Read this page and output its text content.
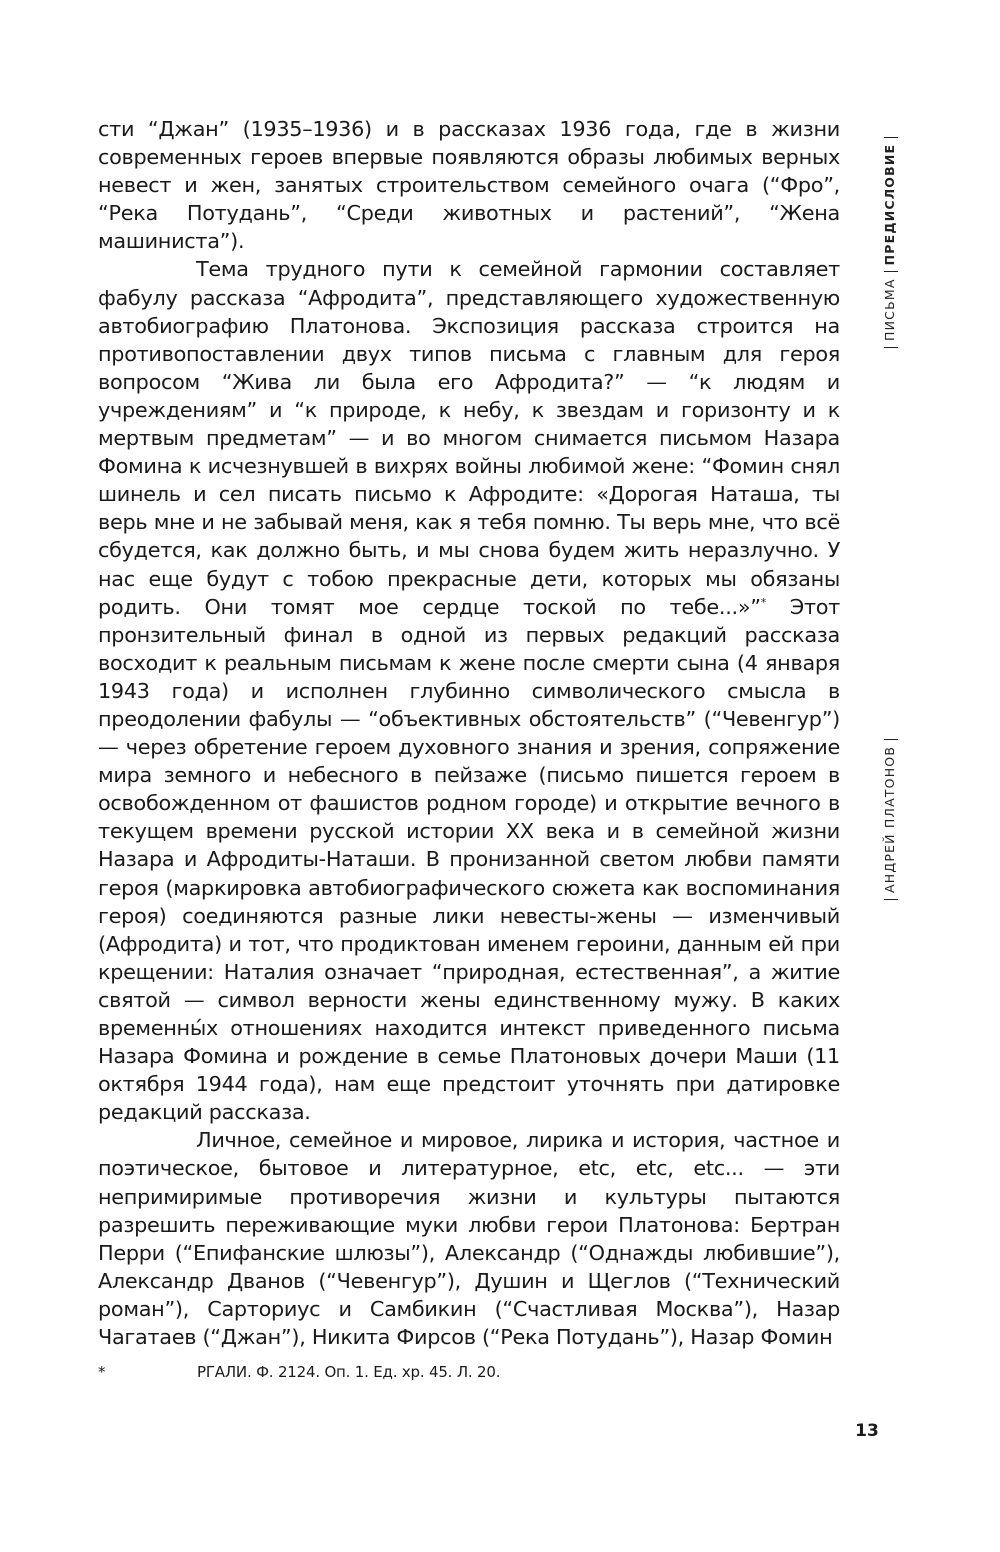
сти “Джан” (1935–1936) и в рассказах 1936 года, где в жизни современных героев впервые появляются образы любимых верных невест и жен, занятых строительством семейного очага (“Фро”, “Река Потудань”, “Среди животных и растений”, “Жена машиниста”).

Тема трудного пути к семейной гармонии составляет фабулу рассказа “Афродита”, представляющего художественную автобиографию Платонова. Экспозиция рассказа строится на противопоставлении двух типов письма с главным для героя вопросом “Жива ли была его Афродита?” — “к людям и учреждениям” и “к природе, к небу, к звездам и горизонту и к мертвым предметам” — и во многом снимается письмом Назара Фомина к исчезнувшей в вихрях войны любимой жене: “Фомин снял шинель и сел писать письмо к Афродите: «Дорогая Наташа, ты верь мне и не забывай меня, как я тебя помню. Ты верь мне, что всё сбудется, как должно быть, и мы снова будем жить неразлучно. У нас еще будут с тобою прекрасные дети, которых мы обязаны родить. Они томят мое сердце тоской по тебе...»”* Этот пронзительный финал в одной из первых редакций рассказа восходит к реальным письмам к жене после смерти сына (4 января 1943 года) и исполнен глубинно символического смысла в преодолении фабулы — “объективных обстоятельств” (“Чевенгур”) — через обретение героем духовного знания и зрения, сопряжение мира земного и небесного в пейзаже (письмо пишется героем в освобожденном от фашистов родном городе) и открытие вечного в текущем времени русской истории XX века и в семейной жизни Назара и Афродиты-Наташи. В пронизанной светом любви памяти героя (маркировка автобиографического сюжета как воспоминания героя) соединяются разные лики невесты-жены — изменчивый (Афродита) и тот, что продиктован именем героини, данным ей при крещении: Наталия означает “природная, естественная”, а житие святой — символ верности жены единственному мужу. В каких временны́х отношениях находится интекст приведенного письма Назара Фомина и рождение в семье Платоновых дочери Маши (11 октября 1944 года), нам еще предстоит уточнять при датировке редакций рассказа.

Личное, семейное и мировое, лирика и история, частное и поэтическое, бытовое и литературное, etc, etc, etc... — эти непримиримые противоречия жизни и культуры пытаются разрешить переживающие муки любви герои Платонова: Бертран Перри (“Епифанские шлюзы”), Александр (“Однажды любившие”), Александр Дванов (“Чевенгур”), Душин и Щеглов (“Технический роман”), Сарториус и Самбикин (“Счастливая Москва”), Назар Чагатаев (“Джан”), Никита Фирсов (“Река Потудань”), Назар Фомин

*	РГАЛИ. Ф. 2124. Оп. 1. Ед. хр. 45. Л. 20.
13
ПИСЬМАПРЕДИСЛОВИЕ
АНДРЕЙ ПЛАТОНОВ
